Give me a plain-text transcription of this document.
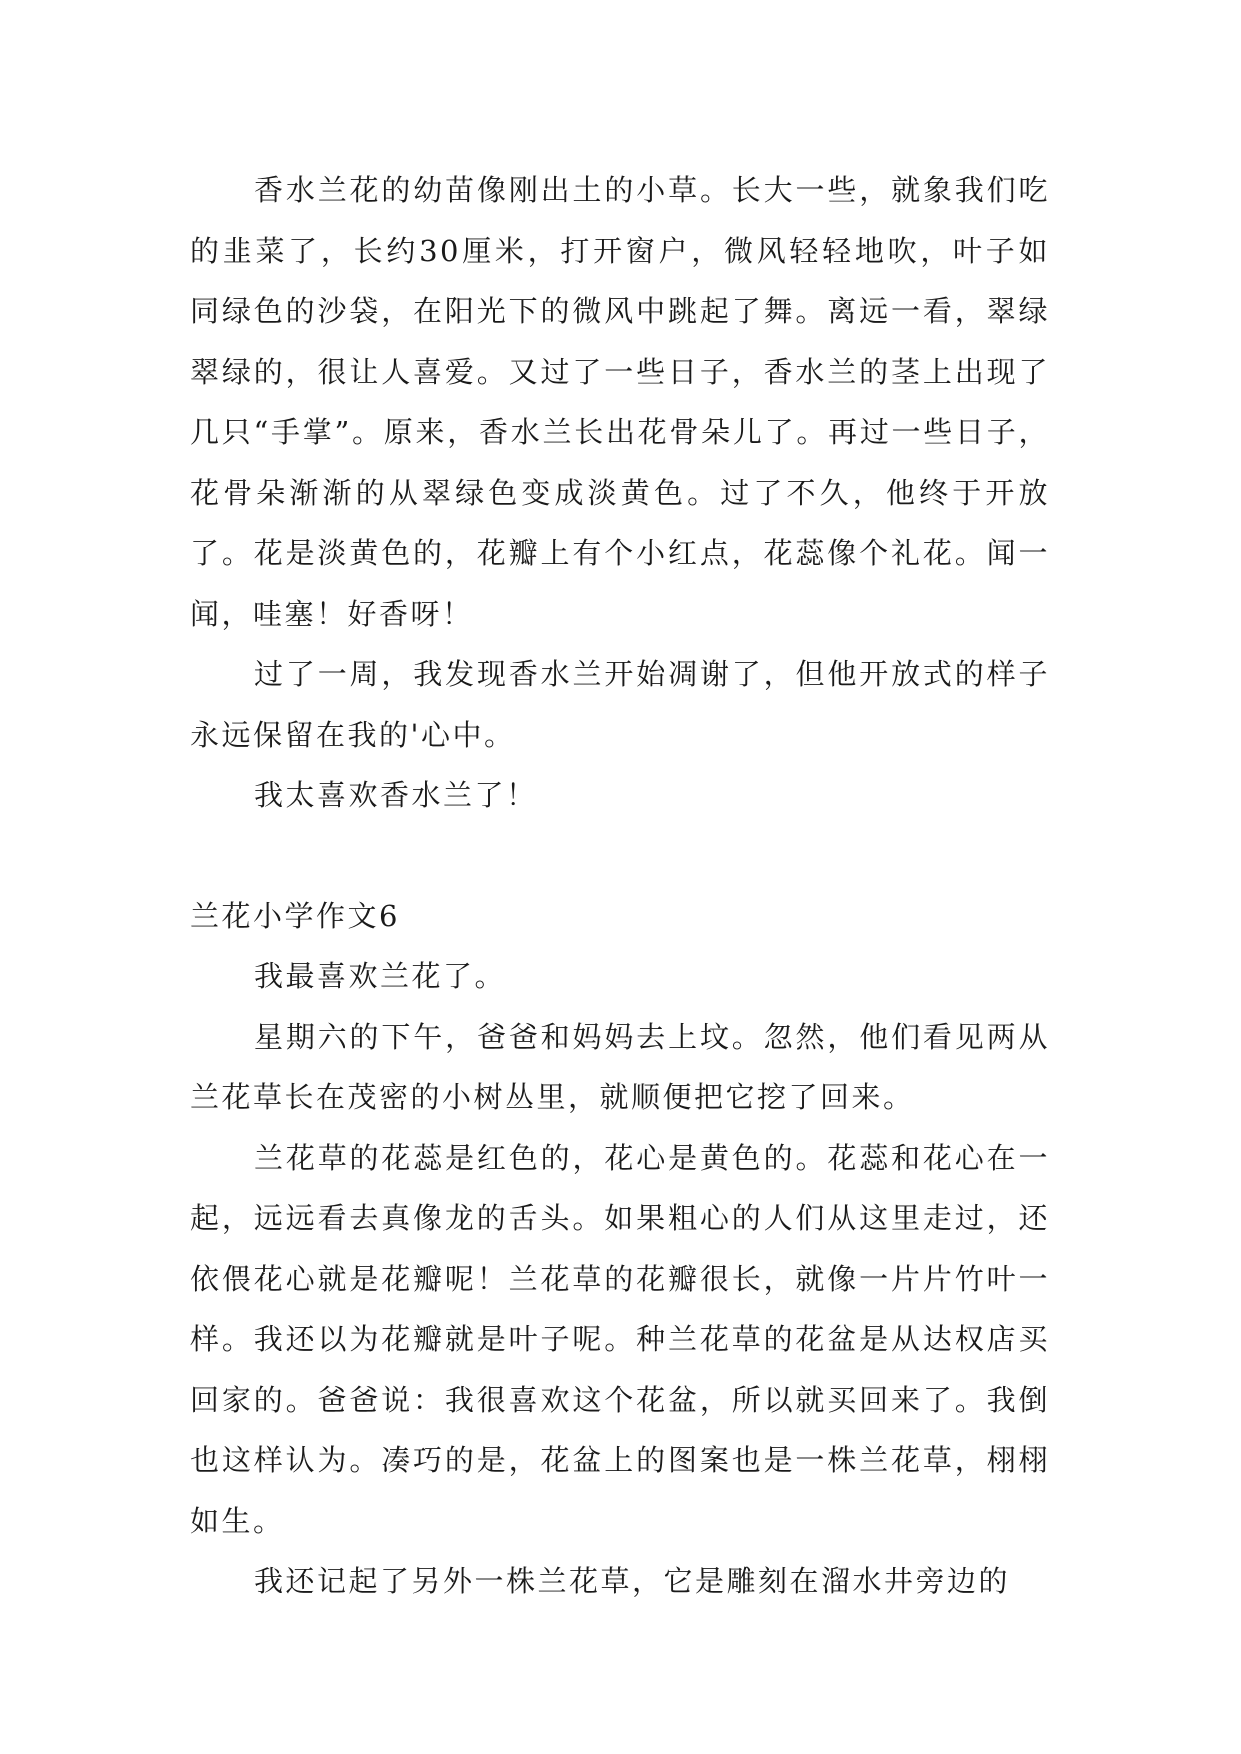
香水兰花的幼苗像刚出土的小草。长大一些，就象我们吃的韭菜了，长约30厘米，打开窗户，微风轻轻地吹，叶子如同绿色的沙袋，在阳光下的微风中跳起了舞。离远一看，翠绿翠绿的，很让人喜爱。又过了一些日子，香水兰的茎上出现了几只“手掌”。原来，香水兰长出花骨朵儿了。再过一些日子，花骨朵渐渐的从翠绿色变成淡黄色。过了不久，他终于开放了。花是淡黄色的，花瓣上有个小红点，花蕊像个礼花。闻一闻，哇塞！好香呀！

过了一周，我发现香水兰开始凋谢了，但他开放式的样子永远保留在我的'心中。

我太喜欢香水兰了！

兰花小学作文6

我最喜欢兰花了。

星期六的下午，爸爸和妈妈去上坟。忽然，他们看见两从兰花草长在茂密的小树丛里，就顺便把它挖了回来。

兰花草的花蕊是红色的，花心是黄色的。花蕊和花心在一起，远远看去真像龙的舌头。如果粗心的人们从这里走过，还依偎花心就是花瓣呢！兰花草的花瓣很长，就像一片片竹叶一样。我还以为花瓣就是叶子呢。种兰花草的花盆是从达权店买回家的。爸爸说：我很喜欢这个花盆，所以就买回来了。我倒也这样认为。凑巧的是，花盆上的图案也是一株兰花草，栩栩如生。

我还记起了另外一株兰花草，它是雕刻在溜水井旁边的
